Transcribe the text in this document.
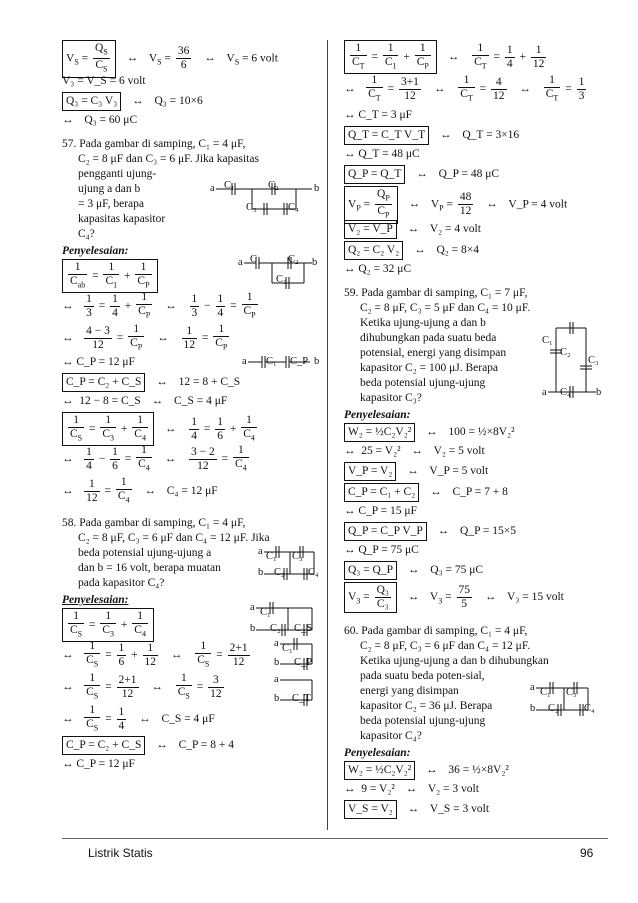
$V_S = \frac{Q_S}{C_S}$ ↔ $V_S = \frac{36}{6}$ ↔ $V_S = 6$ volt
V₃ = V_S = 6 volt
Q₃ = C₃ V₃ ↔ Q₃ = 10×6
↔ Q₃ = 60 μC
57. Pada gambar di samping, C₁ = 4 μF,
C₂ = 8 μF dan C₃ = 6 μF. Jika kapasitas
pengganti ujung-
ujung a dan b
= 3 μF, berapa
kapasitas kapasitor
C₄?
a C₁	C₂	b
C₃	C₄
Penyelesaian:
$\frac{1}{C_{ab}} = \frac{1}{C_1} + \frac{1}{C_P}$	a C₁	C₂ b
C₃
↔ $\frac{1}{3} = \frac{1}{4} + \frac{1}{C_P}$ ↔ $\frac{1}{3} - \frac{1}{4} = \frac{1}{C_P}$
↔ $\frac{4 - 3}{12} = \frac{1}{C_P}$ ↔ $\frac{1}{12} = \frac{1}{C_P}$
a C₁ C_P b
↔ C_P = 12 μF
C_P = C₂ + C_S ↔ 12 = 8 + C_S
↔ 12 − 8 = C_S ↔ C_S = 4 μF
$\frac{1}{C_S} = \frac{1}{C_3} + \frac{1}{C_4}$ ↔ $\frac{1}{4} = \frac{1}{6} + \frac{1}{C_4}$
↔ $\frac{1}{4} - \frac{1}{6} = \frac{1}{C_4}$ ↔ $\frac{3 - 2}{12} = \frac{1}{C_4}$
↔ $\frac{1}{12} = \frac{1}{C_4}$ ↔ C₄ = 12 μF
58. Pada gambar di samping, C₁ = 4 μF,
C₂ = 8 μF, C₃ = 6 μF dan C₄ = 12 μF. Jika
beda potensial ujung-ujung a
dan b = 16 volt, berapa muatan
pada kapasitor C₄?
a C₁ C₃
b C₂ C₄
Penyelesaian:
$\frac{1}{C_S} = \frac{1}{C_3} + \frac{1}{C_4}$
a C₁
b C₂ C_S
↔ $\frac{1}{C_S} = \frac{1}{6} + \frac{1}{12}$ ↔ $\frac{1}{C_S} = \frac{2+1}{12}$ a C₁
b C_P
↔ $\frac{1}{C_S} = \frac{2+1}{12}$ ↔ $\frac{1}{C_S} = \frac{3}{12}$	a
b C_T
↔ $\frac{1}{C_S} = \frac{1}{4}$ ↔ C_S = 4 μF
C_P = C₂ + C_S ↔ C_P = 8 + 4
↔ C_P = 12 μF
$\frac{1}{C_T} = \frac{1}{C_1} + \frac{1}{C_P}$ ↔ $\frac{1}{C_T} = \frac{1}{4} + \frac{1}{12}$
↔ $\frac{1}{C_T} = \frac{3+1}{12}$ ↔ $\frac{1}{C_T} = \frac{4}{12}$ ↔ $\frac{1}{C_T} = \frac{1}{3}$
↔ C_T = 3 μF
Q_T = C_T V_T ↔ Q_T = 3×16
↔ Q_T = 48 μC
Q_P = Q_T ↔ Q_P = 48 μC
$V_P = \frac{Q_P}{C_P}$ ↔ $V_P = \frac{48}{12}$ ↔ V_P = 4 volt
V₂ = V_P ↔ V₂ = 4 volt
Q₂ = C₂ V₂ ↔ Q₂ = 8×4
↔ Q₂ = 32 μC
59. Pada gambar di samping, C₁ = 7 μF,
C₂ = 8 μF, C₃ = 5 μF dan C₄ = 10 μF.
Ketika ujung-ujung a dan b
dihubungkan pada suatu beda
potensial, energi yang disimpan
kapasitor C₂ = 100 μJ. Berapa
beda potensial ujung-ujung
kapasitor C₃?
C₁
C₂
C₃
a C₄ b
Penyelesaian:
W₂ = ½C₂V₂² ↔ 100 = ½×8V₂²
↔ 25 = V₂² ↔ V₂ = 5 volt
V_P = V₂ ↔ V_P = 5 volt
C_P = C₁ + C₂ ↔ C_P = 7 + 8
↔ C_P = 15 μF
Q_P = C_P V_P ↔ Q_P = 15×5
↔ Q_P = 75 μC
Q₃ = Q_P ↔ Q₃ = 75 μC
$V_3 = \frac{\text{Q₃}}{\text{C₃}}$ ↔ $V_3 = \frac{75}{5}$ ↔ V₃ = 15 volt
60. Pada gambar di samping, C₁ = 4 μF,
C₂ = 8 μF, C₃ = 6 μF dan C₄ = 12 μF.
Ketika ujung-ujung a dan b dihubungkan
pada suatu beda poten-sial,
energi yang disimpan
kapasitor C₂ = 36 μJ. Berapa
beda potensial ujung-ujung
kapasitor C₄?
a C₁ C₃
b C₂ C₄
Penyelesaian:
W₂ = ½C₂V₂² ↔ 36 = ½×8V₂²
↔ 9 = V₂² ↔ V₂ = 3 volt
V_S = V₂ ↔ V_S = 3 volt
Listrik Statis	96
